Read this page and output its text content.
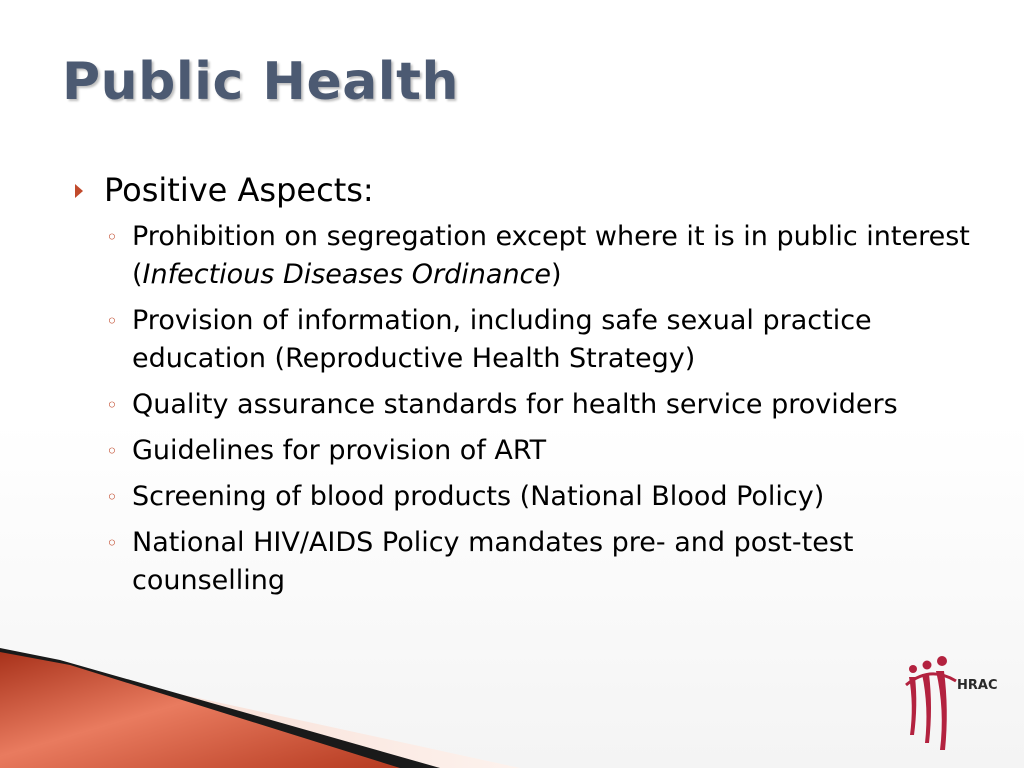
Public Health
Positive Aspects:
◦ Prohibition on segregation except where it is in public interest (Infectious Diseases Ordinance)
◦ Provision of information, including safe sexual practice education (Reproductive Health Strategy)
◦ Quality assurance standards for health service providers
◦ Guidelines for provision of ART
◦ Screening of blood products (National Blood Policy)
◦ National HIV/AIDS Policy mandates pre- and post-test counselling
HRAC
